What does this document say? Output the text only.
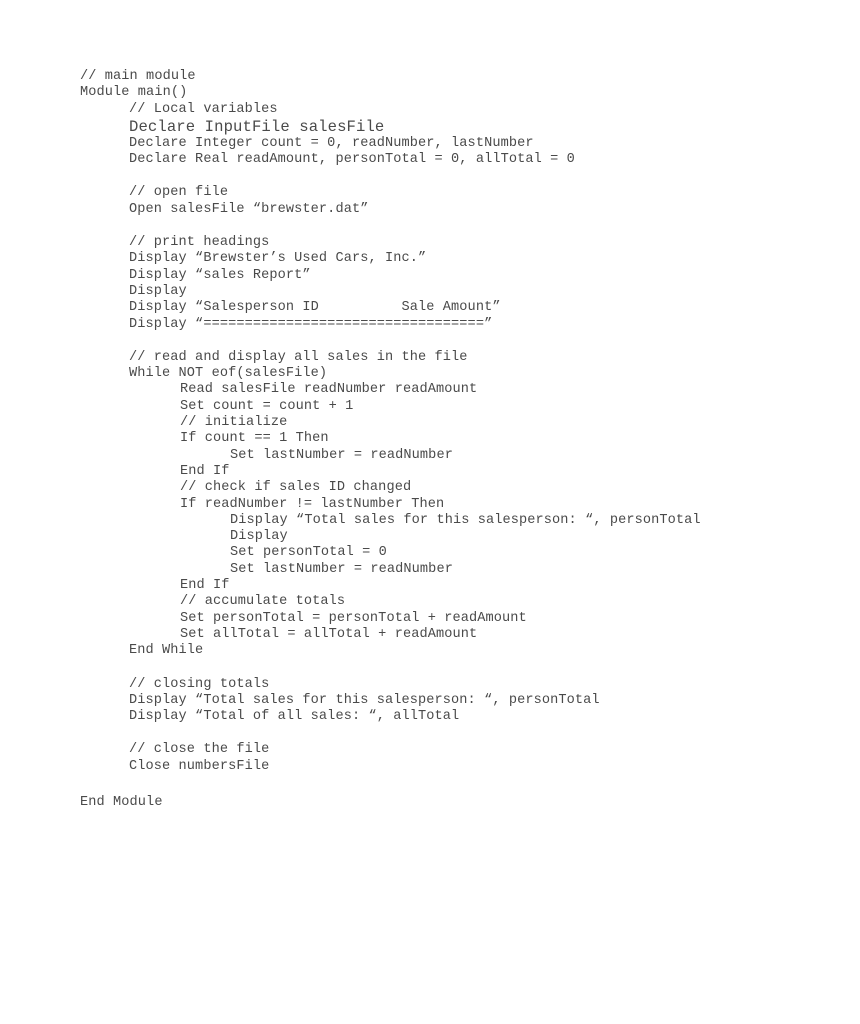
// main module
Module main()
// Local variables
Declare InputFile salesFile
Declare Integer count = 0, readNumber, lastNumber
Declare Real readAmount, personTotal = 0, allTotal = 0
// open file
Open salesFile “brewster.dat”
// print headings
Display “Brewster’s Used Cars, Inc.”
Display “sales Report”
Display
Display “Salesperson ID          Sale Amount”
Display “==================================”
// read and display all sales in the file
While NOT eof(salesFile)
Read salesFile readNumber readAmount
Set count = count + 1
// initialize
If count == 1 Then
Set lastNumber = readNumber
End If
// check if sales ID changed
If readNumber != lastNumber Then
Display “Total sales for this salesperson: “, personTotal
Display
Set personTotal = 0
Set lastNumber = readNumber
End If
// accumulate totals
Set personTotal = personTotal + readAmount
Set allTotal = allTotal + readAmount
End While
// closing totals
Display “Total sales for this salesperson: “, personTotal
Display “Total of all sales: “, allTotal
// close the file
Close numbersFile
End Module
